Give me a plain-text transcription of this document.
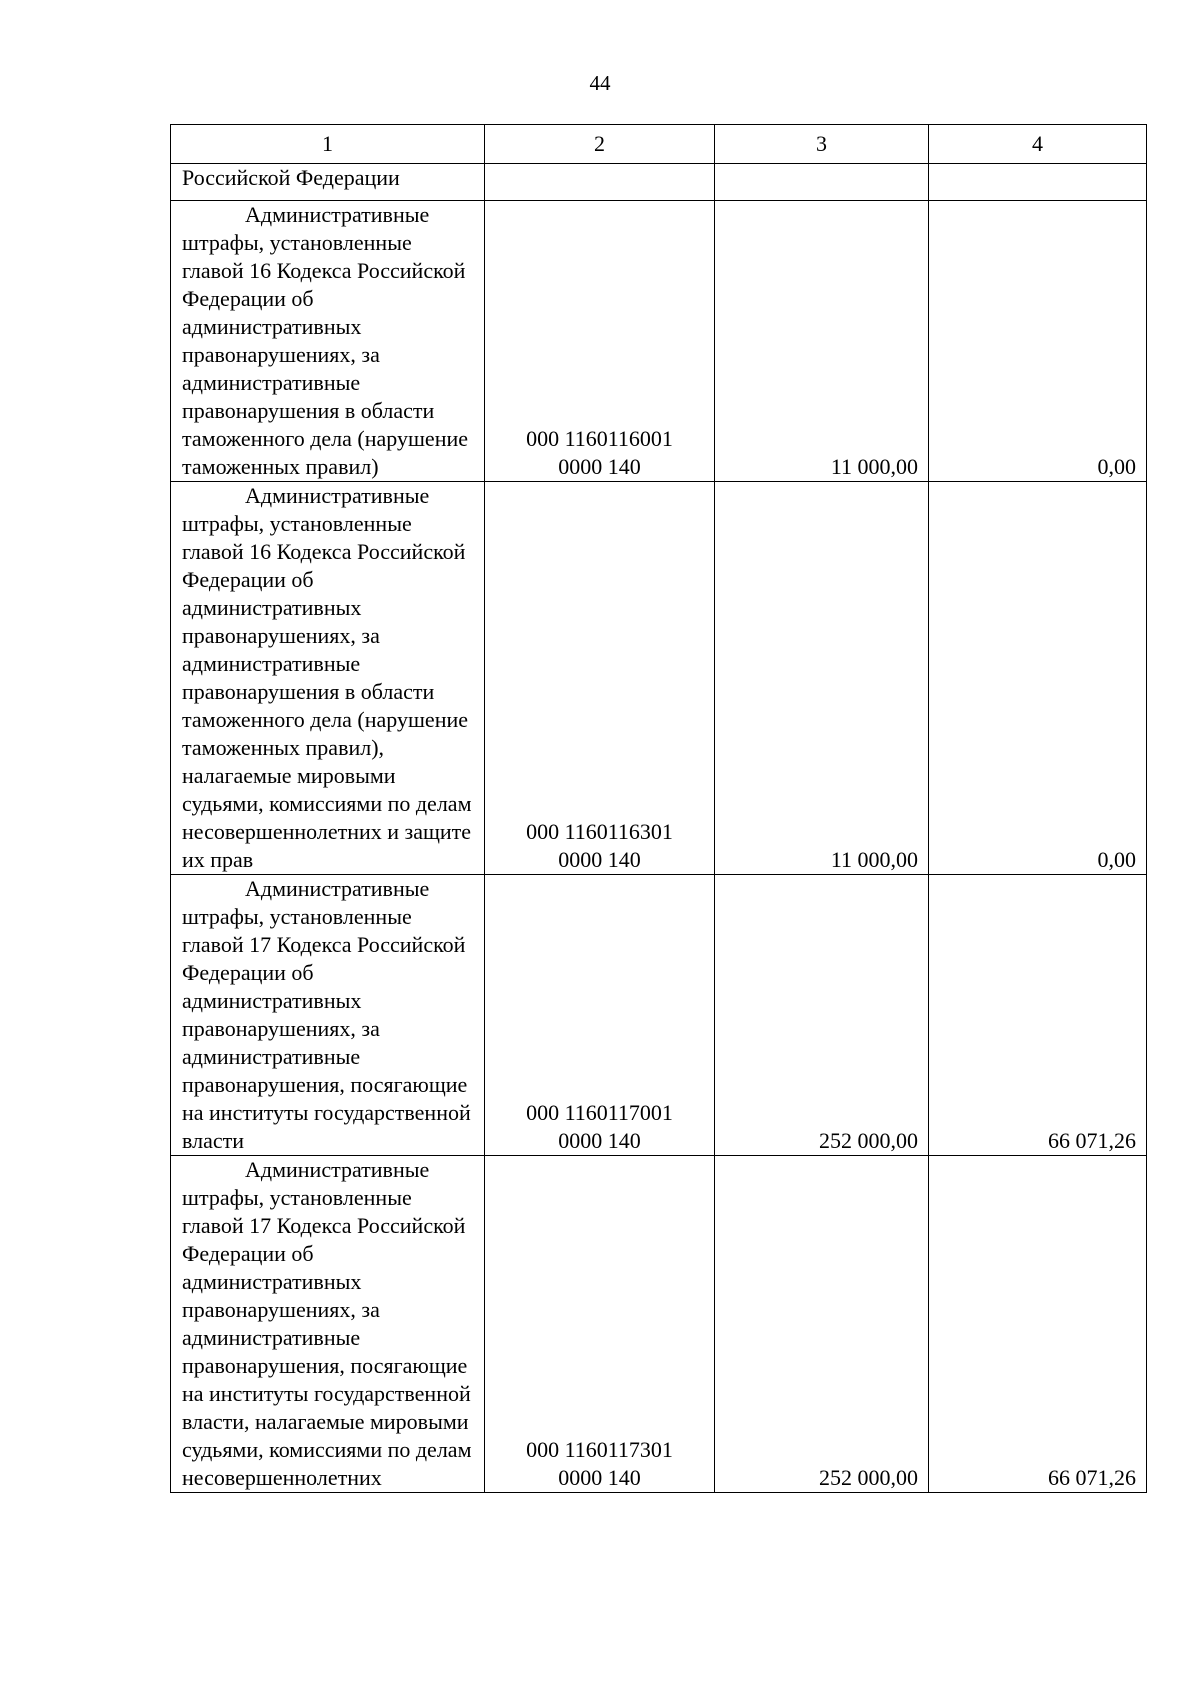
44
1	2	3	4
Российской Федерации			

Административные штрафы, установленные главой 16 Кодекса Российской Федерации об административных правонарушениях, за административные правонарушения в области таможенного дела (нарушение таможенных правил)	000 1160116001
0000 140	11 000,00	0,00

Административные штрафы, установленные главой 16 Кодекса Российской Федерации об административных правонарушениях, за административные правонарушения в области таможенного дела (нарушение таможенных правил), налагаемые мировыми судьями, комиссиями по делам несовершеннолетних и защите их прав	000 1160116301
0000 140	11 000,00	0,00

Административные штрафы, установленные главой 17 Кодекса Российской Федерации об административных правонарушениях, за административные правонарушения, посягающие на институты государственной власти	000 1160117001
0000 140	252 000,00	66 071,26

Административные штрафы, установленные главой 17 Кодекса Российской Федерации об административных правонарушениях, за административные правонарушения, посягающие на институты государственной власти, налагаемые мировыми судьями, комиссиями по делам несовершеннолетних	000 1160117301
0000 140	252 000,00	66 071,26
